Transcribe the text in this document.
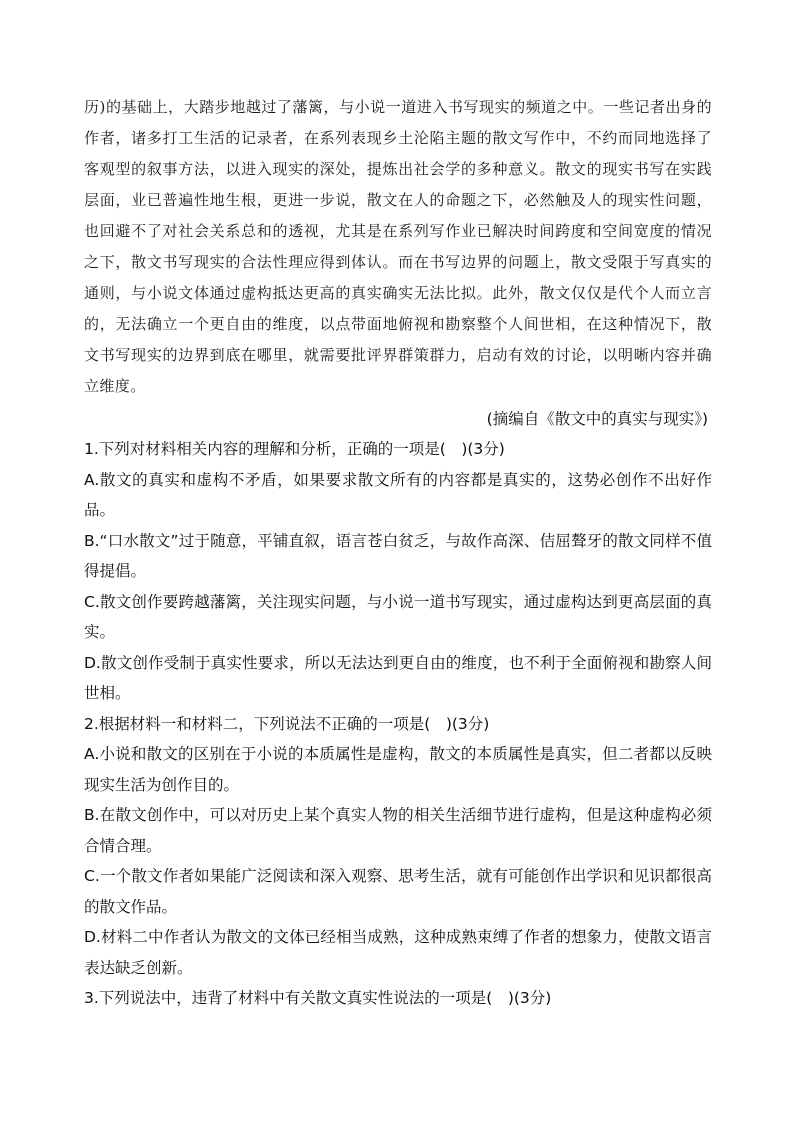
历)的基础上，大踏步地越过了藩篱，与小说一道进入书写现实的频道之中。一些记者出身的作者，诸多打工生活的记录者，在系列表现乡土沦陷主题的散文写作中，不约而同地选择了客观型的叙事方法，以进入现实的深处，提炼出社会学的多种意义。散文的现实书写在实践层面，业已普遍性地生根，更进一步说，散文在人的命题之下，必然触及人的现实性问题，也回避不了对社会关系总和的透视，尤其是在系列写作业已解决时间跨度和空间宽度的情况之下，散文书写现实的合法性理应得到体认。而在书写边界的问题上，散文受限于写真实的通则，与小说文体通过虚构抵达更高的真实确实无法比拟。此外，散文仅仅是代个人而立言的，无法确立一个更自由的维度，以点带面地俯视和勘察整个人间世相，在这种情况下，散文书写现实的边界到底在哪里，就需要批评界群策群力，启动有效的讨论，以明晰内容并确立维度。

(摘编自《散文中的真实与现实》)

1.下列对材料相关内容的理解和分析，正确的一项是(　)(3分)

A.散文的真实和虚构不矛盾，如果要求散文所有的内容都是真实的，这势必创作不出好作品。

B.“口水散文”过于随意，平铺直叙，语言苍白贫乏，与故作高深、佶屈聱牙的散文同样不值得提倡。

C.散文创作要跨越藩篱，关注现实问题，与小说一道书写现实，通过虚构达到更高层面的真实。

D.散文创作受制于真实性要求，所以无法达到更自由的维度，也不利于全面俯视和勘察人间世相。

2.根据材料一和材料二，下列说法不正确的一项是(　)(3分)

A.小说和散文的区别在于小说的本质属性是虚构，散文的本质属性是真实，但二者都以反映现实生活为创作目的。

B.在散文创作中，可以对历史上某个真实人物的相关生活细节进行虚构，但是这种虚构必须合情合理。

C.一个散文作者如果能广泛阅读和深入观察、思考生活，就有可能创作出学识和见识都很高的散文作品。

D.材料二中作者认为散文的文体已经相当成熟，这种成熟束缚了作者的想象力，使散文语言表达缺乏创新。

3.下列说法中，违背了材料中有关散文真实性说法的一项是(　)(3分)
